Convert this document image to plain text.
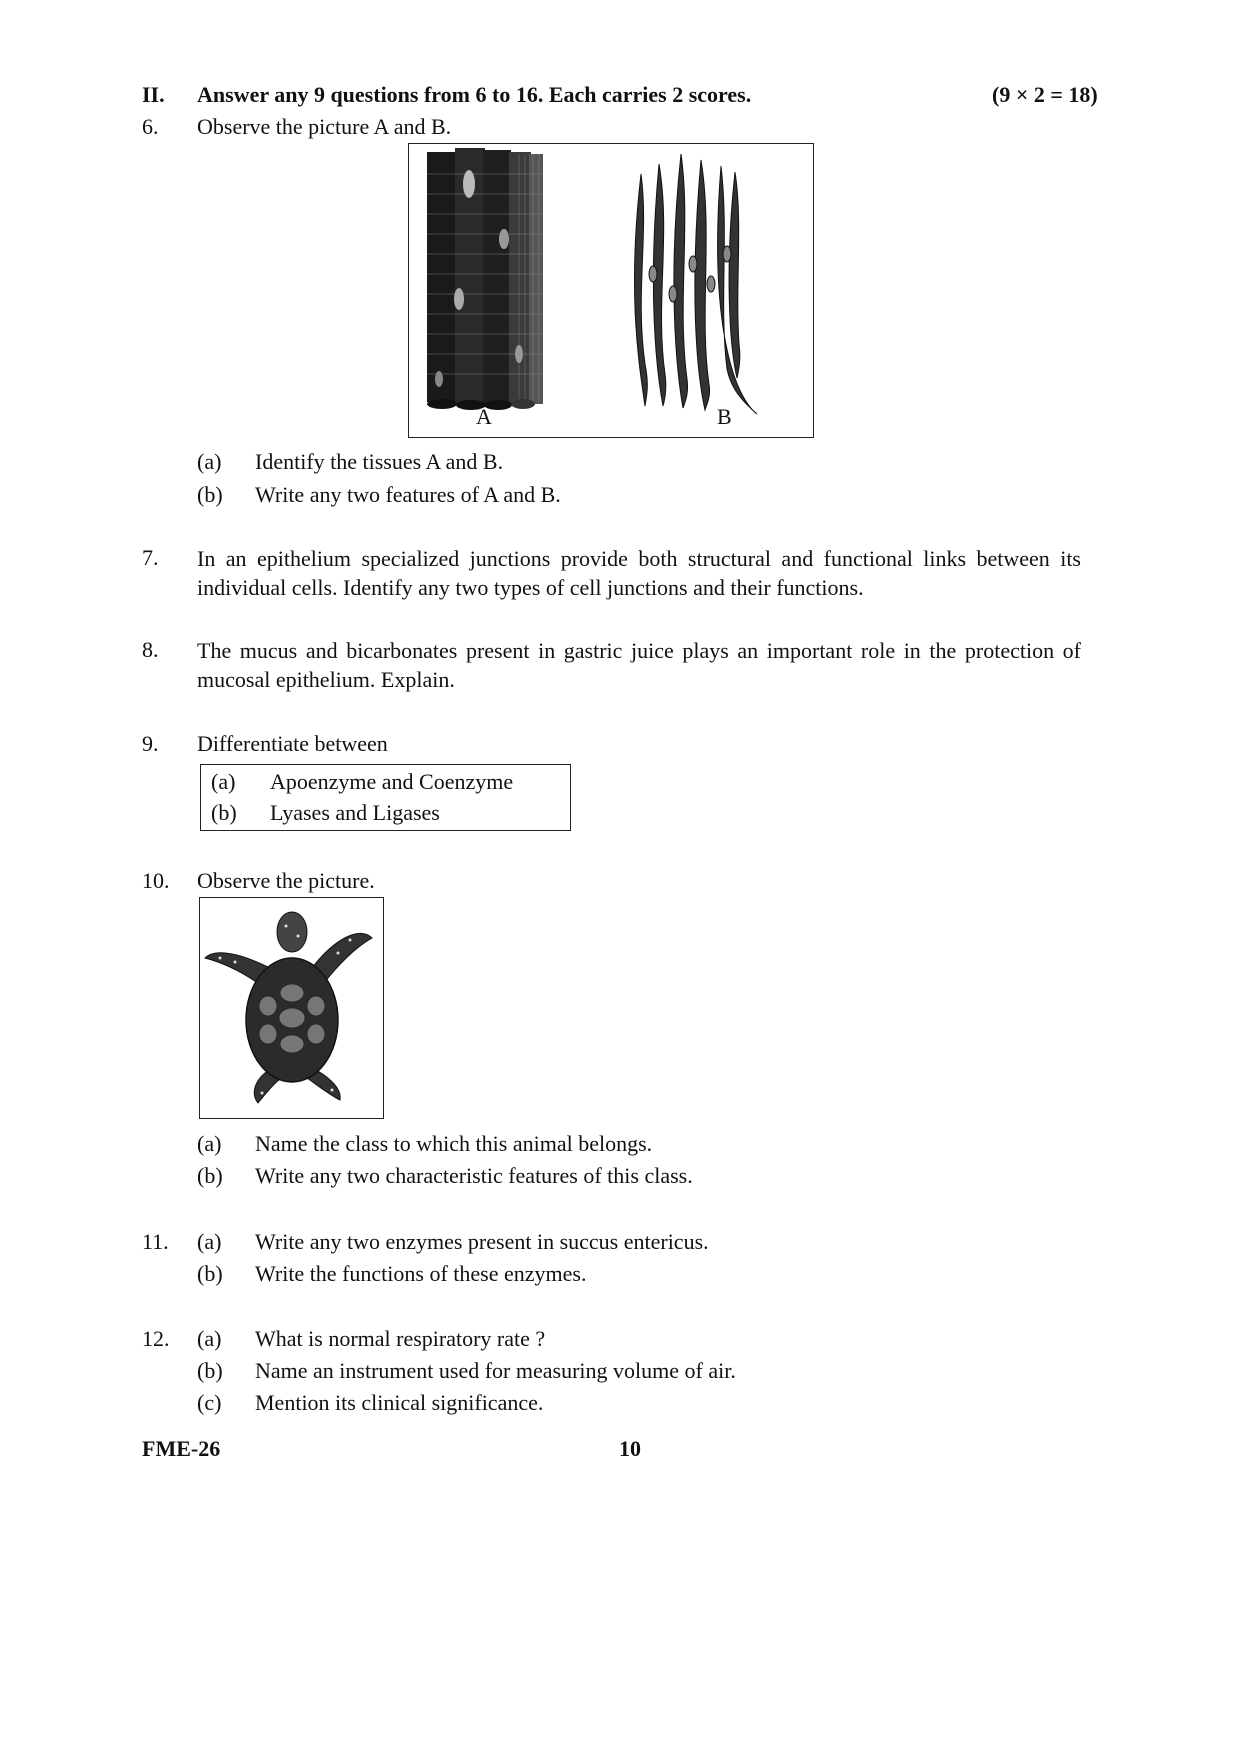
II. Answer any 9 questions from 6 to 16. Each carries 2 scores.	(9 × 2 = 18)
6. Observe the picture A and B.
A	B
(a) Identify the tissues A and B.
(b) Write any two features of A and B.
7. In an epithelium specialized junctions provide both structural and functional links between its individual cells. Identify any two types of cell junctions and their functions.
8. The mucus and bicarbonates present in gastric juice plays an important role in the protection of mucosal epithelium. Explain.
9. Differentiate between
(a) Apoenzyme and Coenzyme
(b) Lyases and Ligases
10. Observe the picture.
(a) Name the class to which this animal belongs.
(b) Write any two characteristic features of this class.
11. (a) Write any two enzymes present in succus entericus.
(b) Write the functions of these enzymes.
12. (a) What is normal respiratory rate ?
(b) Name an instrument used for measuring volume of air.
(c) Mention its clinical significance.
FME-26	10
